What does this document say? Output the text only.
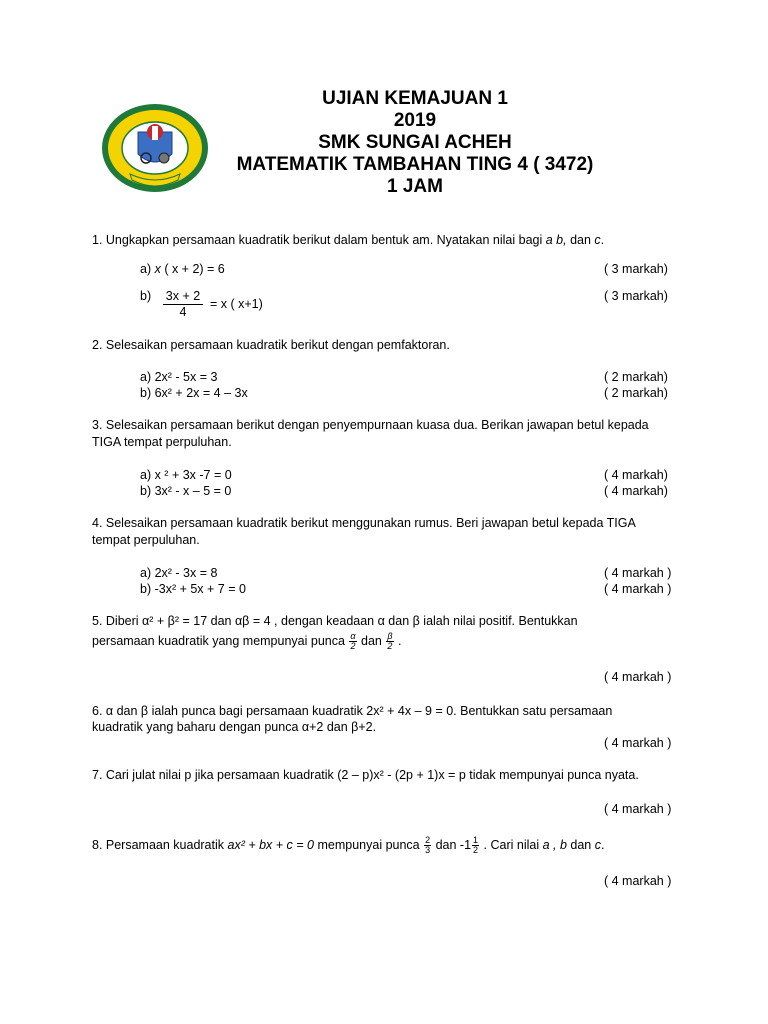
UJIAN KEMAJUAN 1
2019
SMK SUNGAI ACHEH
MATEMATIK TAMBAHAN TING 4 ( 3472)
1 JAM
1. Ungkapkan persamaan kuadratik berikut dalam bentuk am. Nyatakan nilai bagi a b, dan c.
a) x ( x + 2) = 6	( 3 markah)
$b) \frac{3x + 2}{4} = x$ ( x+1)
( 3 markah)
2. Selesaikan persamaan kuadratik berikut dengan pemfaktoran.
a) 2x² - 5x = 3	( 2 markah)
b) 6x² + 2x = 4 – 3x	( 2 markah)
3. Selesaikan persamaan berikut dengan penyempurnaan kuasa dua. Berikan jawapan betul kepada
TIGA tempat perpuluhan.
a) x ² + 3x -7 = 0	( 4 markah)
b) 3x² - x – 5 = 0	( 4 markah)
4. Selesaikan persamaan kuadratik berikut menggunakan rumus. Beri jawapan betul kepada TIGA
tempat perpuluhan.
a) 2x² - 3x = 8	( 4 markah )
b) -3x² + 5x + 7 = 0	( 4 markah )
5. Diberi α² + β² = 17 dan αβ = 4 , dengan keadaan α dan β ialah nilai positif. Bentukkan
persamaan kuadratik yang mempunyai punca $\frac{\alpha}{2}$ dan $\frac{\beta}{2}$ .
( 4 markah )
6. α dan β ialah punca bagi persamaan kuadratik 2x² + 4x – 9 = 0. Bentukkan satu persamaan
kuadratik yang baharu dengan punca α+2 dan β+2.
( 4 markah )
7. Cari julat nilai p jika persamaan kuadratik (2 – p)x² - (2p + 1)x = p tidak mempunyai punca nyata.
( 4 markah )
8. Persamaan kuadratik ax² + bx + c = 0 mempunyai punca $\frac{2}{3}$ dan $-1 \frac{1}{2}$ . Cari nilai a , b dan c.
( 4 markah )
